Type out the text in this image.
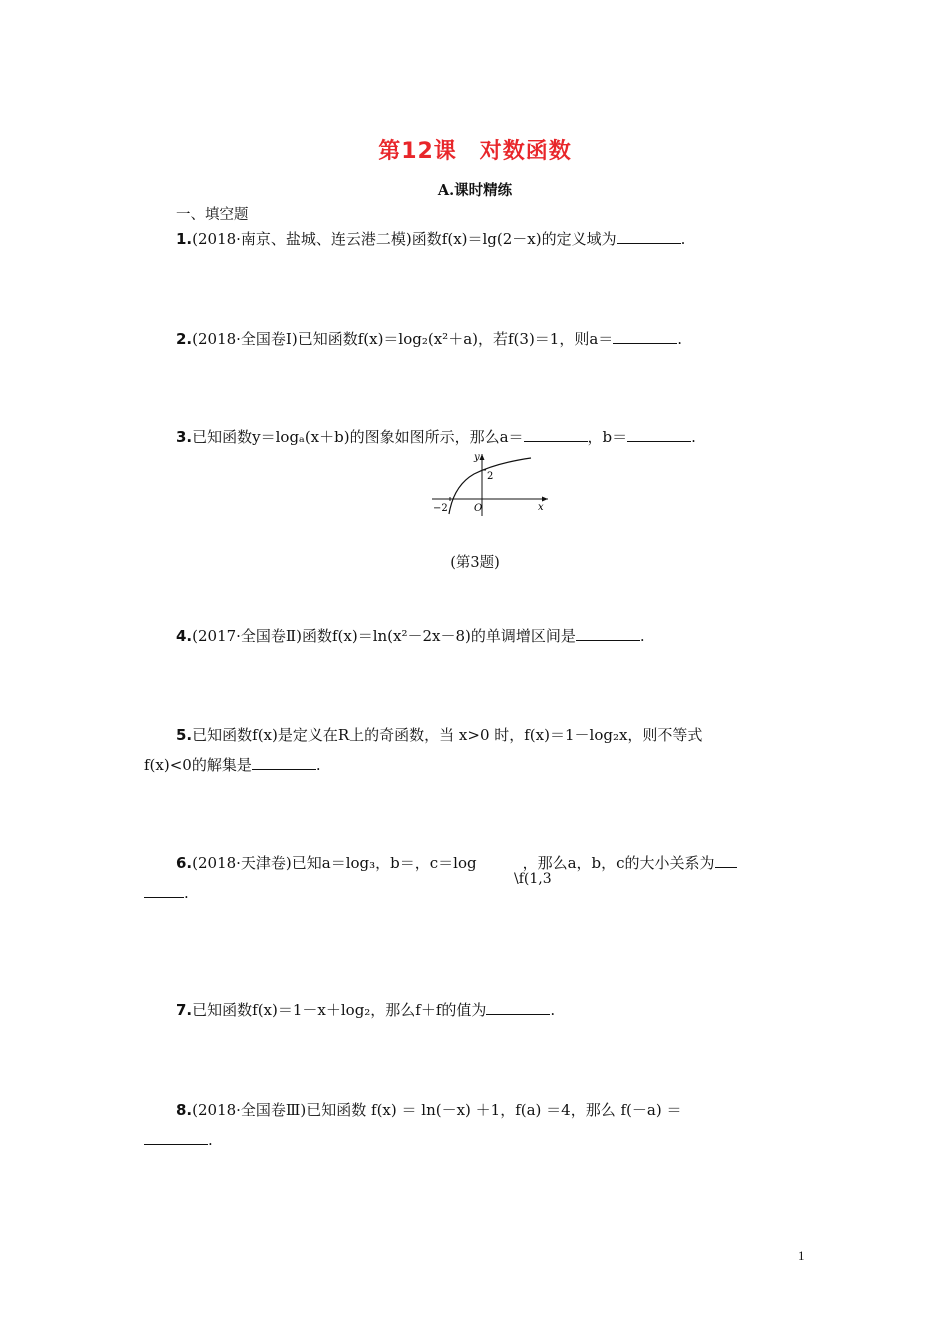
第12课　对数函数
A.课时精练
一、填空题
1.(2018·南京、盐城、连云港二模)函数f(x)＝lg(2－x)的定义域为	.
2.(2018·全国卷Ⅰ)已知函数f(x)＝log₂(x²＋a)，若f(3)＝1，则a＝	.
3.已知函数y＝logₐ(x＋b)的图象如图所示，那么a＝	，b＝	.
y
x
O
−2
2
(第3题)
4.(2017·全国卷Ⅱ)函数f(x)＝ln(x²－2x－8)的单调增区间是	.
5.已知函数f(x)是定义在R上的奇函数，当 x>0 时，f(x)＝1－log₂x，则不等式
f(x)<0的解集是	.
6.(2018·天津卷)已知a＝log₃，b＝，c＝log	，那么a，b，c的大小关系为
.
\f(1,3
7.已知函数f(x)＝1－x＋log₂，那么f＋f的值为	.
8.(2018·全国卷Ⅲ)已知函数 f(x) ＝ ln(－x) ＋1，f(a) ＝4，那么 f(－a) ＝
.
1
